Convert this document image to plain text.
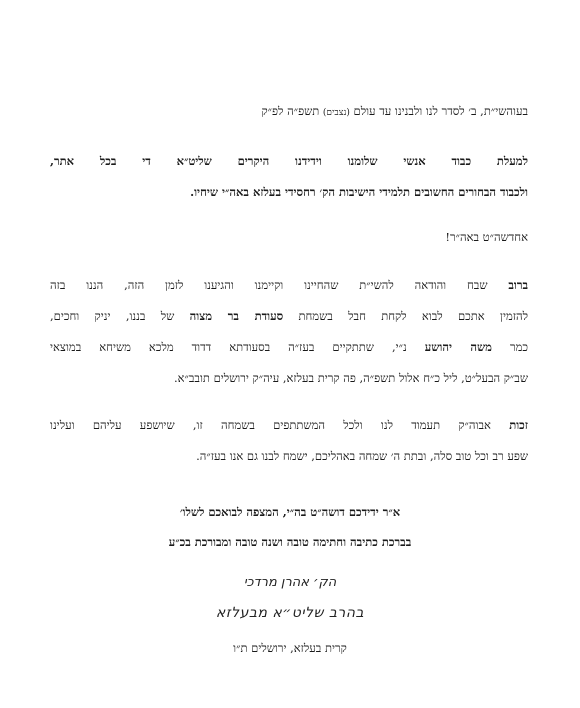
בעוהשי״ת, ב׳ לסדר לנו ולבנינו עד עולם (נצבים) תשפ״ה לפ״ק
למעלת כבוד אנשי שלומנו וידידנו היקרים שליט״א די בכל אתר,
ולכבוד הבחורים החשובים תלמידי הישיבות הק׳ רחסידי בעלזא באה״י שיחיו.
אחדשה״ט באה״ר!
ברוב שבח והודאה להשי״ת שהחיינו וקיימנו והגיענו לזמן הזה, הננו בזה
להזמין אתכם לבוא לקחת חבל בשמחת סעודת בר מצוה של בננו, יניק וחכים,
כמר משה יהושע נ״י, שתתקיים בעז״ה בסעודתא דדוד מלכא משיחא במוצאי
שב״ק הבעל״ט, ליל כ״ח אלול תשפ״ה, פה קרית בעלזא, עיה״ק ירושלים תובב״א.
זכות אבוה״ק תעמוד לנו ולכל המשתתפים בשמחה זו, שיושפע עליהם ועלינו
שפע רב וכל טוב סלה, ובתת ה׳ שמחה באהליכם, ישמח לבנו גם אנו בעז״ה.
א״ר ידידכם דושה״ט בה״י, המצפה לבואכם לשלו׳
בברכת כתיבה וחתימה טובה ושנה טובה ומבורכת בכ״ע
הק׳ אהרן מרדכי
בהרב שליט״א מבעלזא
קרית בעלזא, ירושלים ת״ו
